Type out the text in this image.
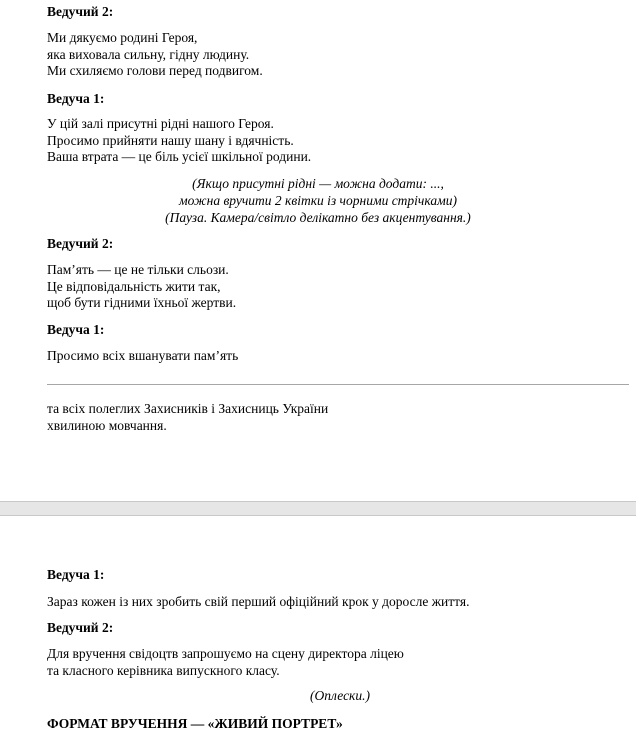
Ведучий 2:
Ми дякуємо родині Героя,
яка виховала сильну, гідну людину.
Ми схиляємо голови перед подвигом.
Ведуча 1:
У цій залі присутні рідні нашого Героя.
Просимо прийняти нашу шану і вдячність.
Ваша втрата — це біль усієї шкільної родини.
(Якщо присутні рідні — можна додати: ...,
можна вручити 2 квітки із чорними стрічками)
(Пауза. Камера/світло делікатно без акцентування.)
Ведучий 2:
Пам’ять — це не тільки сльози.
Це відповідальність жити так,
щоб бути гідними їхньої жертви.
Ведуча 1:
Просимо всіх вшанувати пам’ять
та всіх полеглих Захисників і Захисниць України
хвилиною мовчання.
Ведуча 1:
Зараз кожен із них зробить свій перший офіційний крок у доросле життя.
Ведучий 2:
Для вручення свідоцтв запрошуємо на сцену директора ліцею
та класного керівника випускного класу.
(Оплески.)
ФОРМАТ ВРУЧЕННЯ — «ЖИВИЙ ПОРТРЕТ»
